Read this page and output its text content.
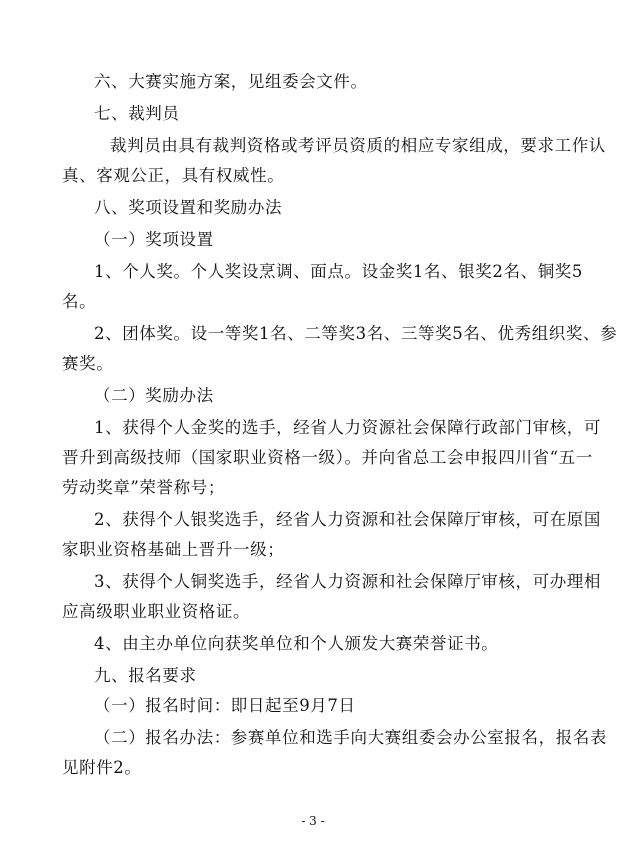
六、大赛实施方案，见组委会文件。
七、裁判员
裁判员由具有裁判资格或考评员资质的相应专家组成，要求工作认
真、客观公正，具有权威性。
八、奖项设置和奖励办法
（一）奖项设置
1、个人奖。个人奖设烹调、面点。设金奖1名、银奖2名、铜奖5
名。
2、团体奖。设一等奖1名、二等奖3名、三等奖5名、优秀组织奖、参
赛奖。
（二）奖励办法
1、获得个人金奖的选手，经省人力资源社会保障行政部门审核，可
晋升到高级技师（国家职业资格一级）。并向省总工会申报四川省“五一
劳动奖章”荣誉称号；
2、获得个人银奖选手，经省人力资源和社会保障厅审核，可在原国
家职业资格基础上晋升一级；
3、获得个人铜奖选手，经省人力资源和社会保障厅审核，可办理相
应高级职业职业资格证。
4、由主办单位向获奖单位和个人颁发大赛荣誉证书。
九、报名要求
（一）报名时间：即日起至9月7日
（二）报名办法：参赛单位和选手向大赛组委会办公室报名，报名表
见附件2。
- 3 -
